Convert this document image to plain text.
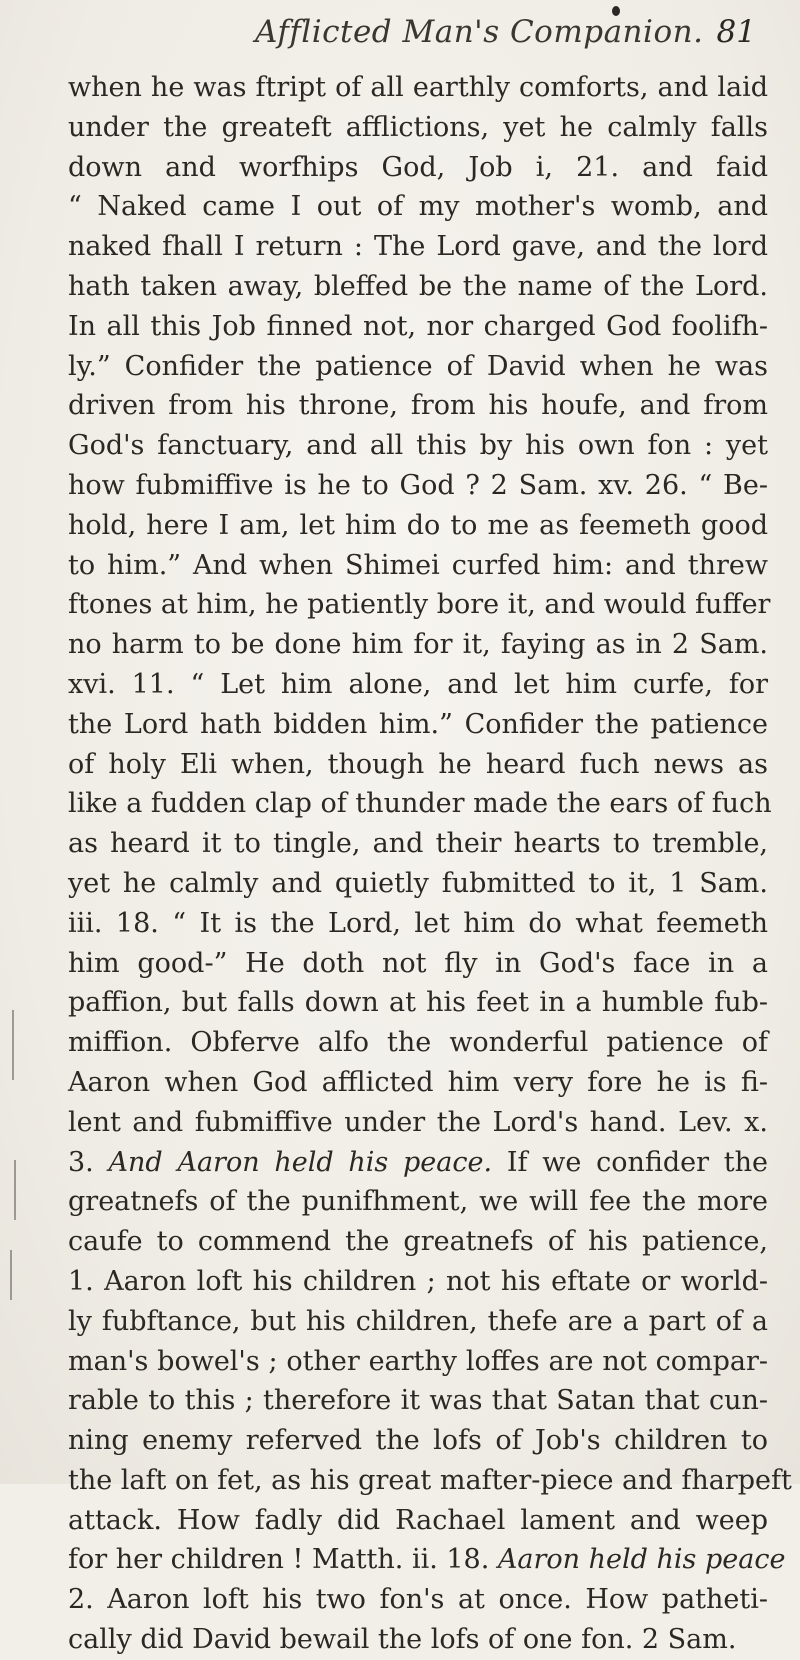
Afflicted Man's Companion. 81
when he was ftript of all earthly comforts, and laid
under the greateft afflictions, yet he calmly falls
down and worfhips God, Job i, 21. and faid
“ Naked came I out of my mother's womb, and
naked fhall I return : The Lord gave, and the lord
hath taken away, bleffed be the name of the Lord.
In all this Job finned not, nor charged God foolifh-
ly.” Confider the patience of David when he was
driven from his throne, from his houfe, and from
God's fanctuary, and all this by his own fon : yet
how fubmiffive is he to God ? 2 Sam. xv. 26. “ Be-
hold, here I am, let him do to me as feemeth good
to him.” And when Shimei curfed him: and threw
ftones at him, he patiently bore it, and would fuffer
no harm to be done him for it, faying as in 2 Sam.
xvi. 11. “ Let him alone, and let him curfe, for
the Lord hath bidden him.” Confider the patience
of holy Eli when, though he heard fuch news as
like a fudden clap of thunder made the ears of fuch
as heard it to tingle, and their hearts to tremble,
yet he calmly and quietly fubmitted to it, 1 Sam.
iii. 18. “ It is the Lord, let him do what feemeth
him good-” He doth not fly in God's face in a
paffion, but falls down at his feet in a humble fub-
miffion. Obferve alfo the wonderful patience of
Aaron when God afflicted him very fore he is fi-
lent and fubmiffive under the Lord's hand. Lev. x.
3. And Aaron held his peace. If we confider the
greatnefs of the punifhment, we will fee the more
caufe to commend the greatnefs of his patience,
1. Aaron loft his children ; not his eftate or world-
ly fubftance, but his children, thefe are a part of a
man's bowel's ; other earthy loffes are not compar-
rable to this ; therefore it was that Satan that cun-
ning enemy referved the lofs of Job's children to
the laft on fet, as his great mafter-piece and fharpeft
attack. How fadly did Rachael lament and weep
for her children ! Matth. ii. 18. Aaron held his peace
2. Aaron loft his two fon's at once. How patheti-
cally did David bewail the lofs of one fon. 2 Sam.
